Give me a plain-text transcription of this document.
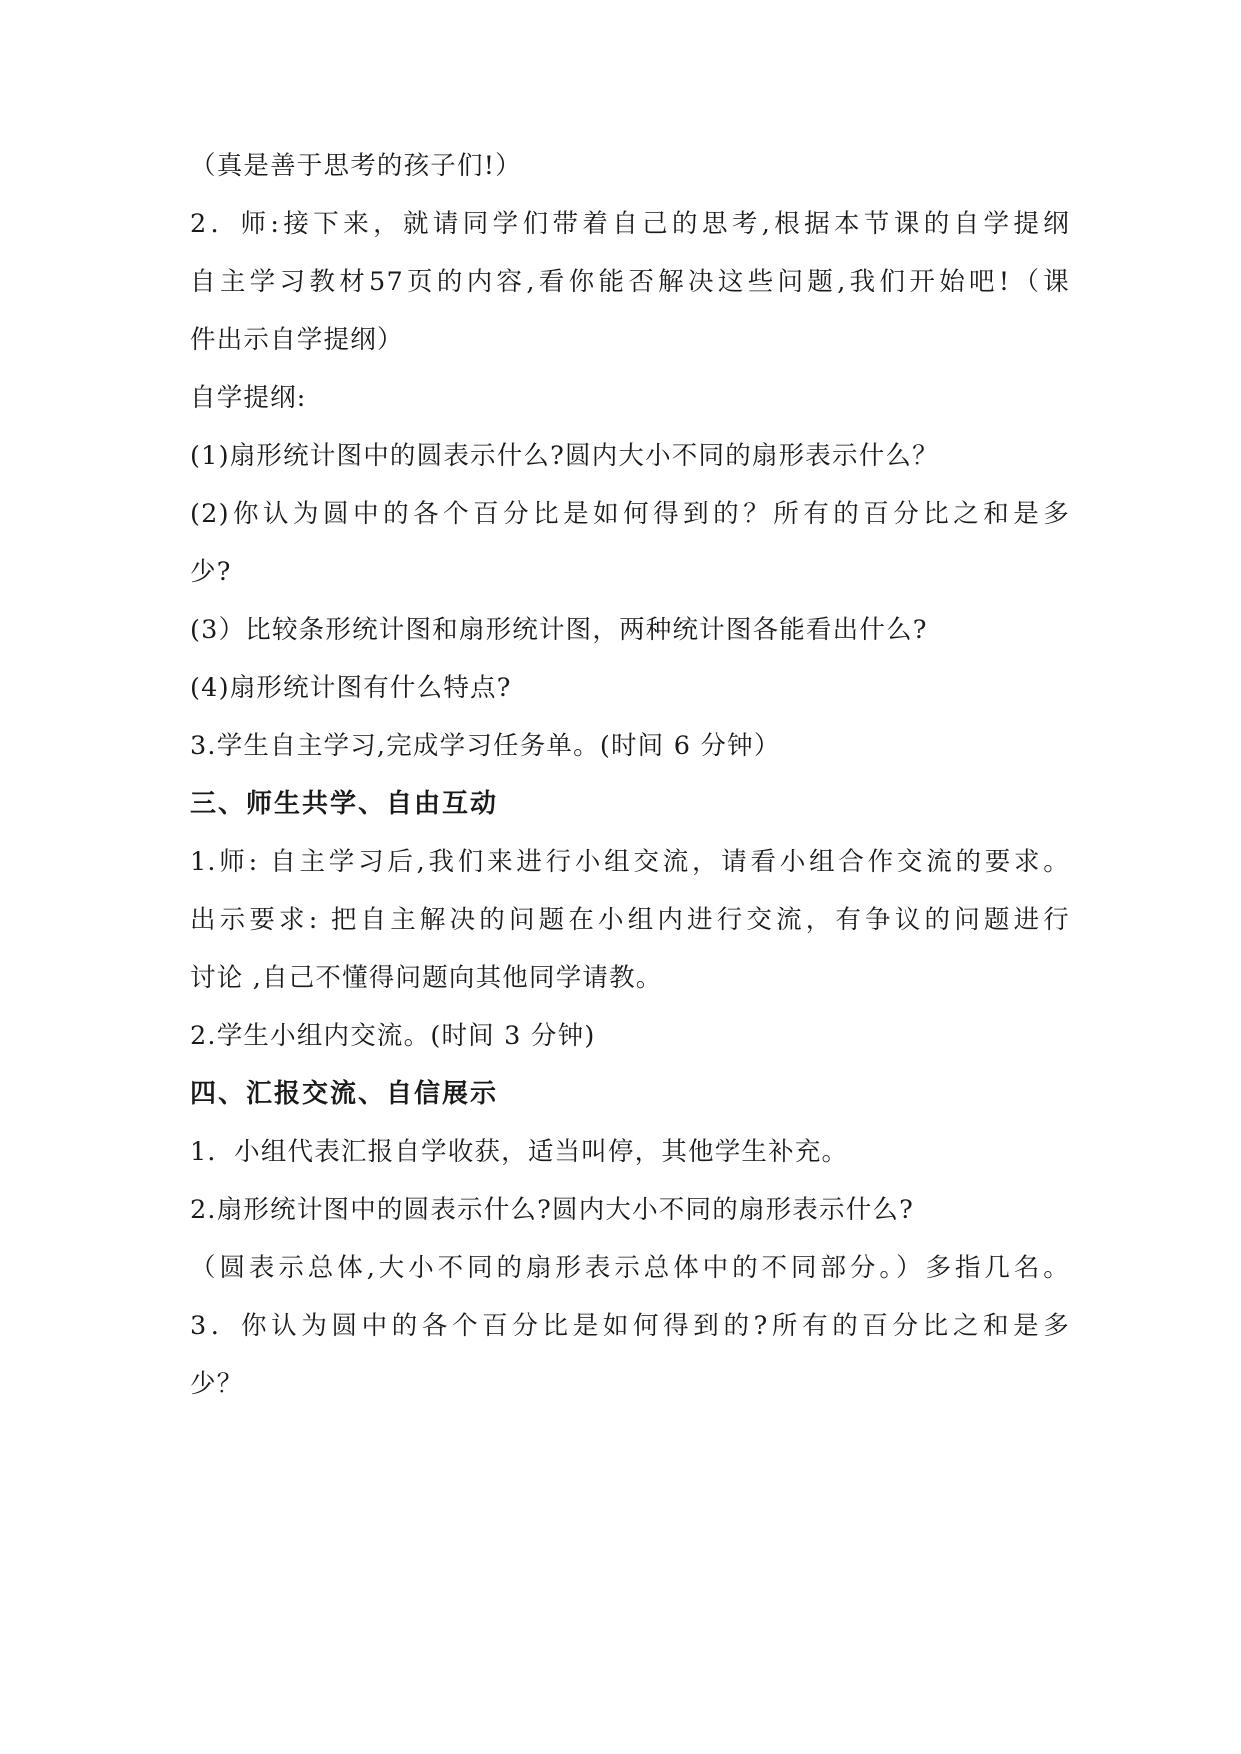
（真是善于思考的孩子们!）
2．师:接下来，就请同学们带着自己的思考,根据本节课的自学提纲
自主学习教材57页的内容,看你能否解决这些问题,我们开始吧!（课
件出示自学提纲）
自学提纲:
(1)扇形统计图中的圆表示什么?圆内大小不同的扇形表示什么？
(2)你认为圆中的各个百分比是如何得到的？所有的百分比之和是多
少?
(3）比较条形统计图和扇形统计图，两种统计图各能看出什么?
(4)扇形统计图有什么特点?
3.学生自主学习,完成学习任务单。(时间 6 分钟）
三、师生共学、自由互动
1.师: 自主学习后,我们来进行小组交流，请看小组合作交流的要求。
出示要求: 把自主解决的问题在小组内进行交流，有争议的问题进行
讨论 ,自己不懂得问题向其他同学请教。
2.学生小组内交流。(时间 3 分钟)
四、汇报交流、自信展示
1．小组代表汇报自学收获，适当叫停，其他学生补充。
2.扇形统计图中的圆表示什么?圆内大小不同的扇形表示什么?
（圆表示总体,大小不同的扇形表示总体中的不同部分。）多指几名。
3．你认为圆中的各个百分比是如何得到的?所有的百分比之和是多
少？
